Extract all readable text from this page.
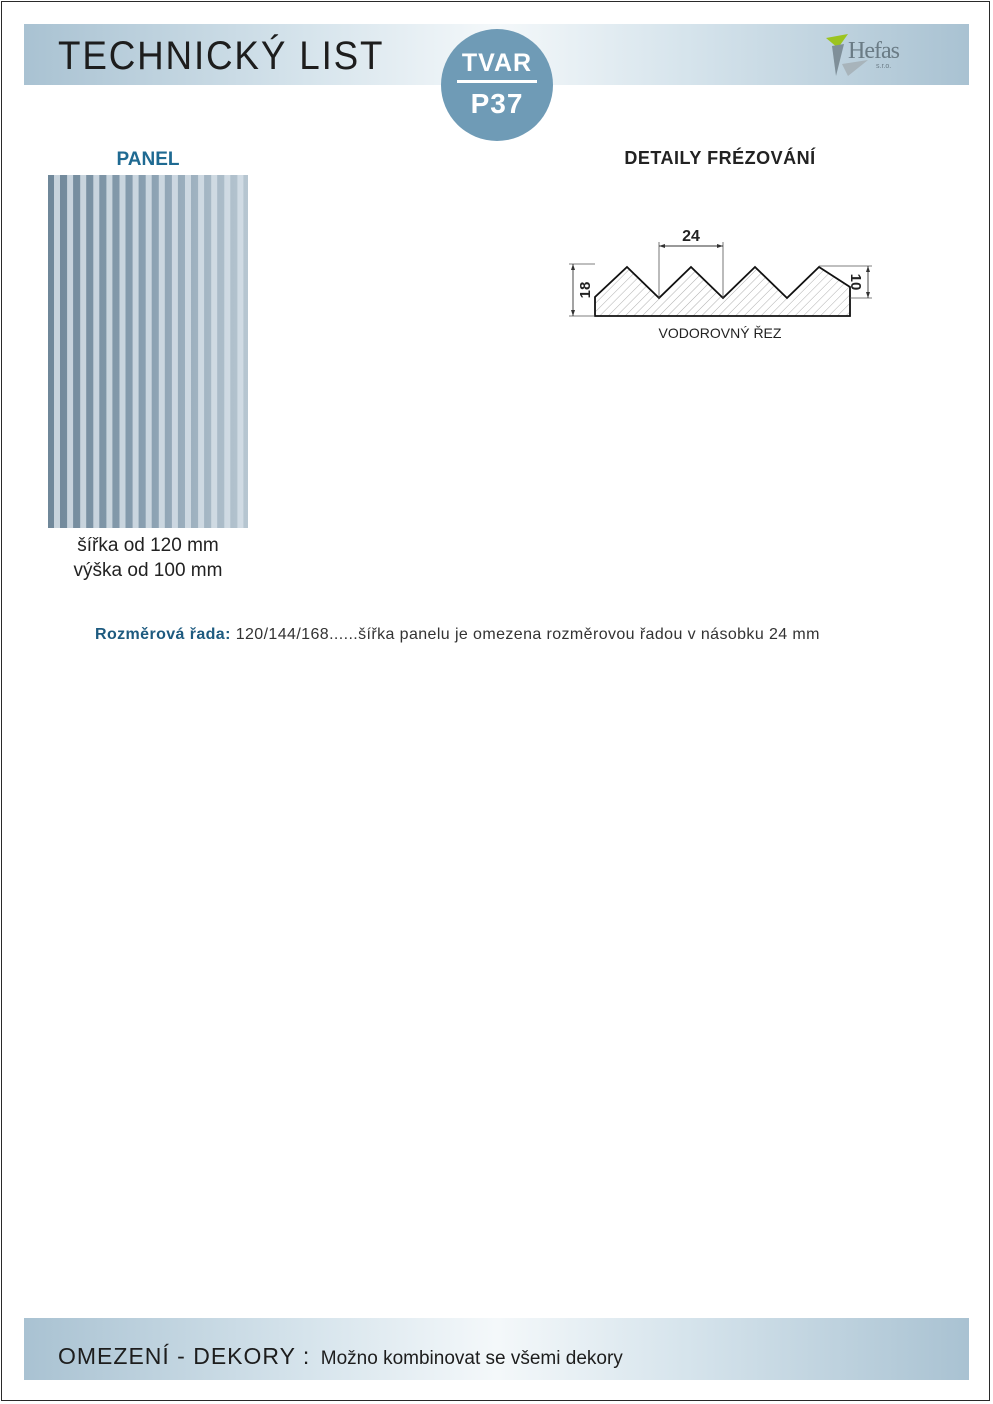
TECHNICKÝ LIST	TVAR
P37
Hefas
s.r.o.
PANEL
šířka od 120 mm
výška od 100 mm
DETAILY FRÉZOVÁNÍ
24
18	10
VODOROVNÝ ŘEZ
Rozměrová řada: 120/144/168......šířka panelu je omezena rozměrovou řadou v násobku 24 mm
OMEZENÍ - DEKORY : Možno kombinovat se všemi dekory
